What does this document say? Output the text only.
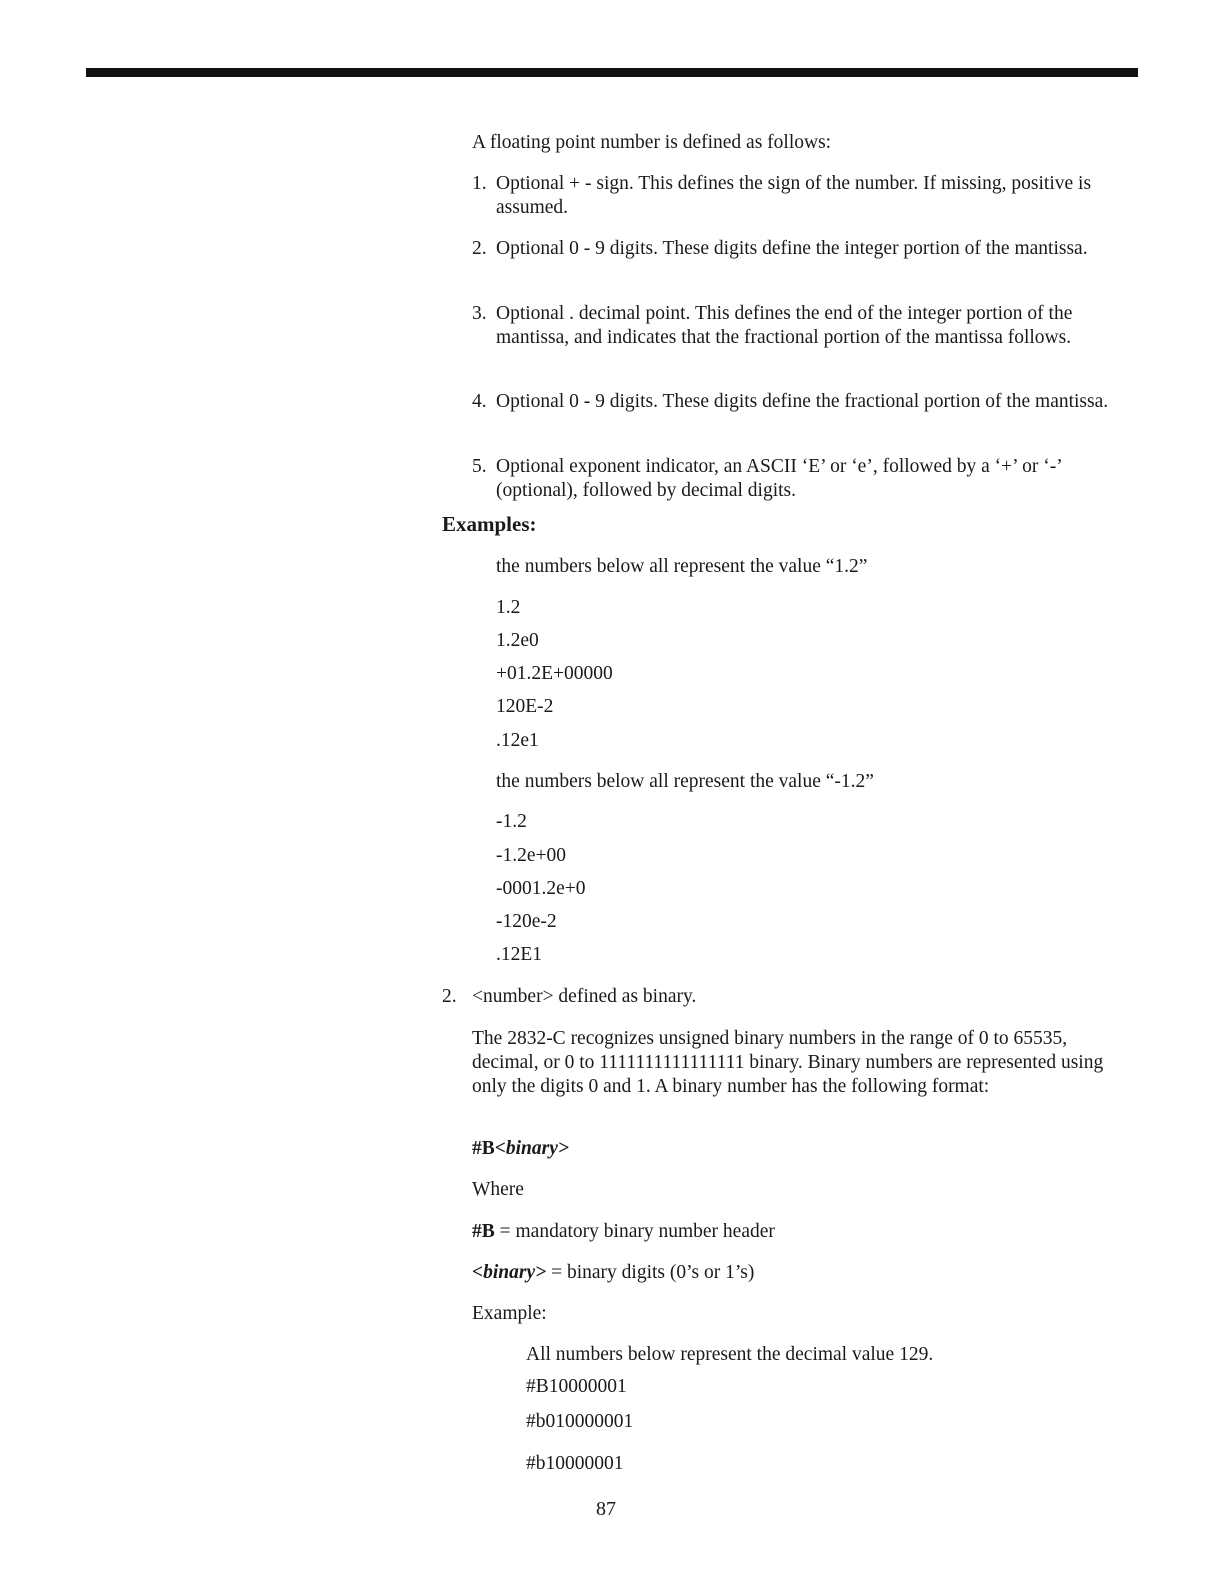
A floating point number is defined as follows:
1. Optional + - sign. This defines the sign of the number. If missing, positive is assumed.
2. Optional 0 - 9 digits. These digits define the integer portion of the mantissa.
3. Optional . decimal point. This defines the end of the integer portion of the mantissa, and indicates that the fractional portion of the mantissa follows.
4. Optional 0 - 9 digits. These digits define the fractional portion of the mantissa.
5. Optional exponent indicator, an ASCII ‘E’ or ‘e’, followed by a ‘+’ or ‘-’ (optional), followed by decimal digits.
Examples:
the numbers below all represent the value “1.2”
1.2
1.2e0
+01.2E+00000
120E-2
.12e1
the numbers below all represent the value “-1.2”
-1.2
-1.2e+00
-0001.2e+0
-120e-2
.12E1
2. <number> defined as binary.
The 2832-C recognizes unsigned binary numbers in the range of 0 to 65535, decimal, or 0 to 1111111111111111 binary. Binary numbers are represented using only the digits 0 and 1. A binary number has the following format:
#B<binary>
Where
#B = mandatory binary number header
<binary> = binary digits (0’s or 1’s)
Example:
All numbers below represent the decimal value 129.
#B10000001
#b010000001
#b10000001
87
